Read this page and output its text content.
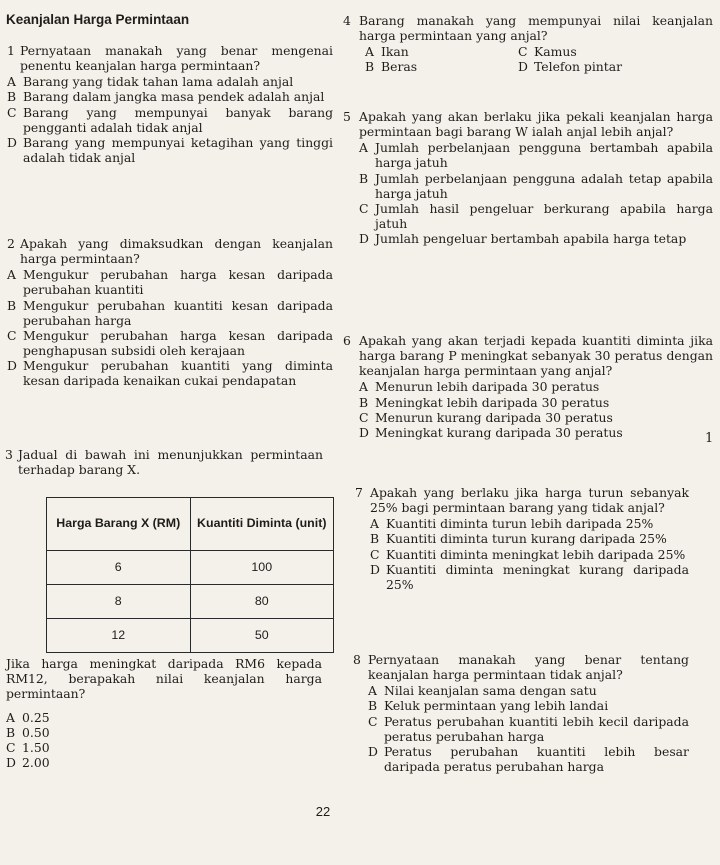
Keanjalan Harga Permintaan
1 Pernyataan manakah yang benar mengenai penentu keanjalan harga permintaan?
A Barang yang tidak tahan lama adalah anjal
B Barang dalam jangka masa pendek adalah anjal
C Barang yang mempunyai banyak barang pengganti adalah tidak anjal
D Barang yang mempunyai ketagihan yang tinggi adalah tidak anjal
2 Apakah yang dimaksudkan dengan keanjalan harga permintaan?
A Mengukur perubahan harga kesan daripada perubahan kuantiti
B Mengukur perubahan kuantiti kesan daripada perubahan harga
C Mengukur perubahan harga kesan daripada penghapusan subsidi oleh kerajaan
D Mengukur perubahan kuantiti yang diminta kesan daripada kenaikan cukai pendapatan
3 Jadual di bawah ini menunjukkan permintaan terhadap barang X.
Harga Barang X (RM)	Kuantiti Diminta (unit)
6	100
8	80
12	50
Jika harga meningkat daripada RM6 kepada RM12, berapakah nilai keanjalan harga permintaan?
A 0.25
B 0.50
C 1.50
D 2.00
4 Barang manakah yang mempunyai nilai keanjalan harga permintaan yang anjal?
A Ikan	C Kamus
B Beras	D Telefon pintar
5 Apakah yang akan berlaku jika pekali keanjalan harga permintaan bagi barang W ialah anjal lebih anjal?
A Jumlah perbelanjaan pengguna bertambah apabila harga jatuh
B Jumlah perbelanjaan pengguna adalah tetap apabila harga jatuh
C Jumlah hasil pengeluar berkurang apabila harga jatuh
D Jumlah pengeluar bertambah apabila harga tetap
6 Apakah yang akan terjadi kepada kuantiti diminta jika harga barang P meningkat sebanyak 30 peratus dengan keanjalan harga permintaan yang anjal?
A Menurun lebih daripada 30 peratus
B Meningkat lebih daripada 30 peratus
C Menurun kurang daripada 30 peratus
D Meningkat kurang daripada 30 peratus	1
7 Apakah yang berlaku jika harga turun sebanyak 25% bagi permintaan barang yang tidak anjal?
A Kuantiti diminta turun lebih daripada 25%
B Kuantiti diminta turun kurang daripada 25%
C Kuantiti diminta meningkat lebih daripada 25%
D Kuantiti diminta meningkat kurang daripada 25%
8 Pernyataan manakah yang benar tentang keanjalan harga permintaan tidak anjal?
A Nilai keanjalan sama dengan satu
B Keluk permintaan yang lebih landai
C Peratus perubahan kuantiti lebih kecil daripada peratus perubahan harga
D Peratus perubahan kuantiti lebih besar daripada peratus perubahan harga
22
